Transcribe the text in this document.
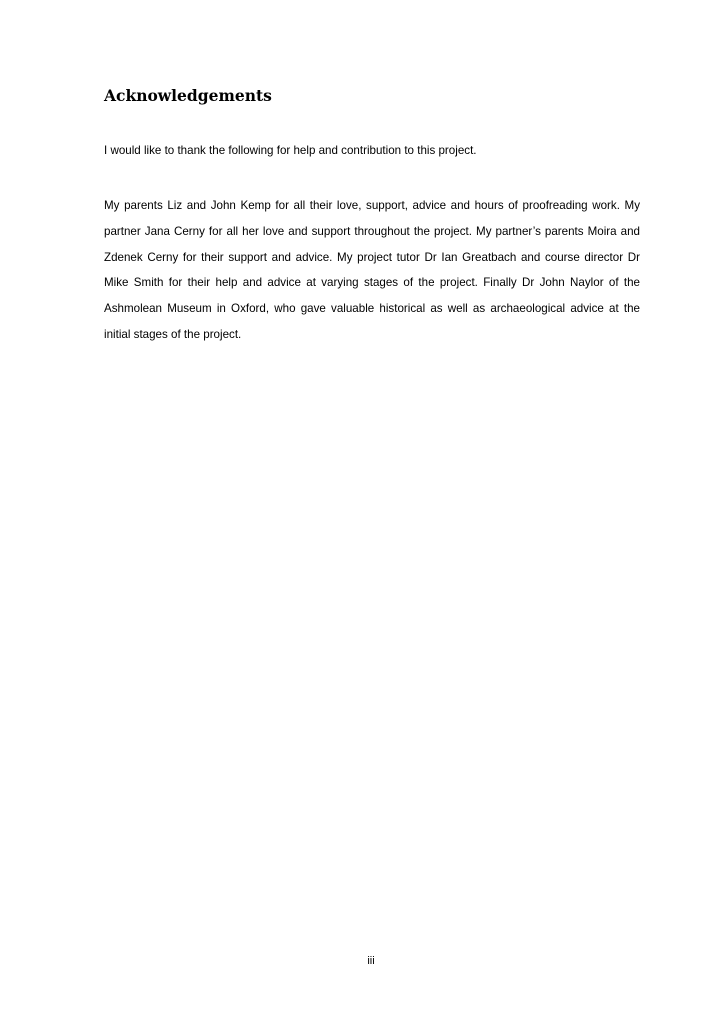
Acknowledgements

I would like to thank the following for help and contribution to this project.

My parents Liz and John Kemp for all their love, support, advice and hours of proofreading work. My partner Jana Cerny for all her love and support throughout the project. My partner’s parents Moira and Zdenek Cerny for their support and advice. My project tutor Dr Ian Greatbach and course director Dr Mike Smith for their help and advice at varying stages of the project. Finally Dr John Naylor of the Ashmolean Museum in Oxford, who gave valuable historical as well as archaeological advice at the initial stages of the project.

iii
